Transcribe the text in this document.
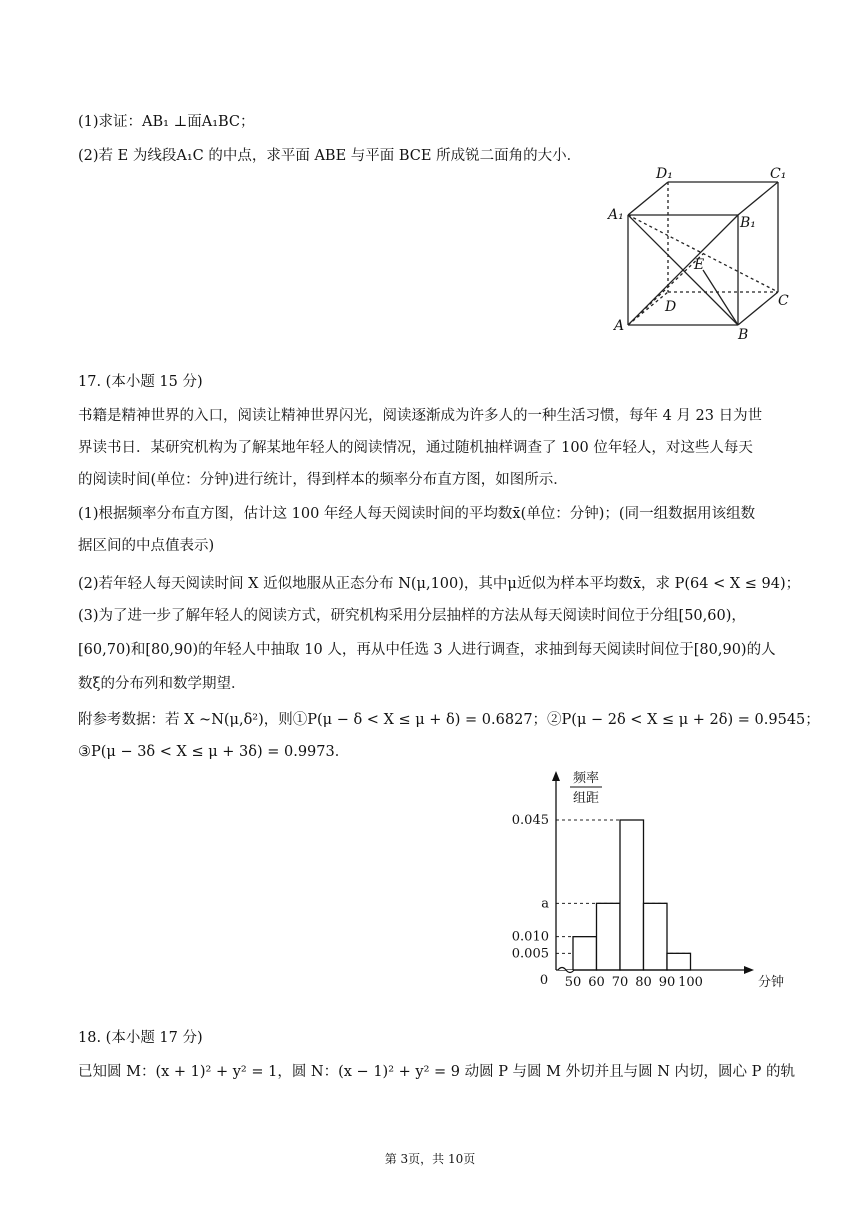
(1)求证：AB₁ ⊥面A₁BC；
(2)若 E 为线段A₁C 的中点，求平面 ABE 与平面 BCE 所成锐二面角的大小．
D₁	C₁
A₁	B₁
E
D	C
A
B
17. (本小题 15 分)
书籍是精神世界的入口，阅读让精神世界闪光，阅读逐渐成为许多人的一种生活习惯，每年 4 月 23 日为世
界读书日．某研究机构为了解某地年轻人的阅读情况，通过随机抽样调查了 100 位年轻人，对这些人每天
的阅读时间(单位：分钟)进行统计，得到样本的频率分布直方图，如图所示．
(1)根据频率分布直方图，估计这 100 年经人每天阅读时间的平均数x̄(单位：分钟)；(同一组数据用该组数
据区间的中点值表示)
(2)若年轻人每天阅读时间 X 近似地服从正态分布 N(μ,100)，其中μ近似为样本平均数x̄，求 P(64 < X ≤ 94)；
(3)为了进一步了解年轻人的阅读方式，研究机构采用分层抽样的方法从每天阅读时间位于分组[50,60)，
[60,70)和[80,90)的年轻人中抽取 10 人，再从中任选 3 人进行调查，求抽到每天阅读时间位于[80,90)的人
数ξ的分布列和数学期望．
附参考数据：若 X ~N(μ,δ²)，则①P(μ − δ < X ≤ μ + δ) = 0.6827；②P(μ − 2δ < X ≤ μ + 2δ) = 0.9545；
③P(μ − 3δ < X ≤ μ + 3δ) = 0.9973．
频率
组距
分钟
0
0.045
a
0.010
0.005
50 60 70 80 90 100
18. (本小题 17 分)
已知圆 M：(x + 1)² + y² = 1，圆 N：(x − 1)² + y² = 9 动圆 P 与圆 M 外切并且与圆 N 内切，圆心 P 的轨
第 3页，共 10页
